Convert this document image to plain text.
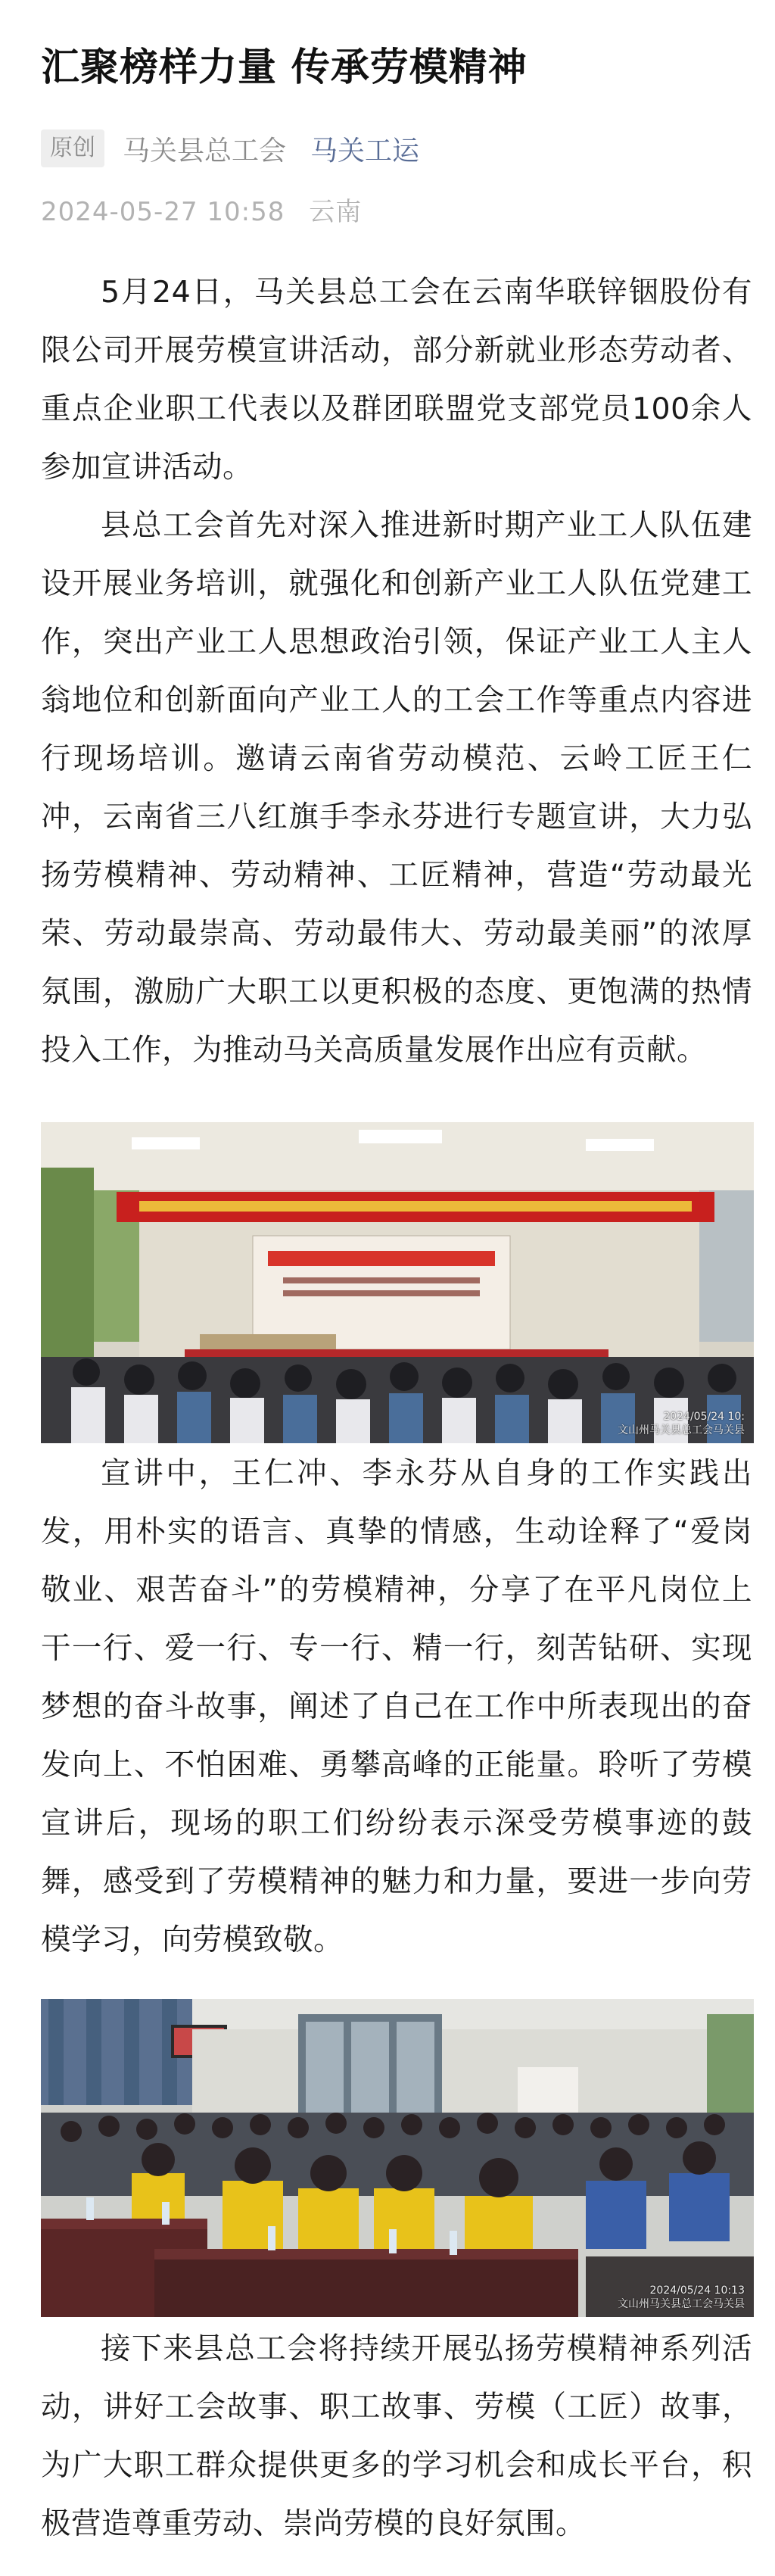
汇聚榜样力量 传承劳模精神
原创	马关县总工会 马关工运
2024-05-27 10:58 云南

5月24日，马关县总工会在云南华联锌铟股份有限公司开展劳模宣讲活动，部分新就业形态劳动者、重点企业职工代表以及群团联盟党支部党员100余人参加宣讲活动。

县总工会首先对深入推进新时期产业工人队伍建设开展业务培训，就强化和创新产业工人队伍党建工作，突出产业工人思想政治引领，保证产业工人主人翁地位和创新面向产业工人的工会工作等重点内容进行现场培训。邀请云南省劳动模范、云岭工匠王仁冲，云南省三八红旗手李永芬进行专题宣讲，大力弘扬劳模精神、劳动精神、工匠精神，营造“劳动最光荣、劳动最崇高、劳动最伟大、劳动最美丽”的浓厚氛围，激励广大职工以更积极的态度、更饱满的热情投入工作，为推动马关高质量发展作出应有贡献。

2024/05/24 10:
文山州马关县总工会马关县

宣讲中，王仁冲、李永芬从自身的工作实践出发，用朴实的语言、真挚的情感，生动诠释了“爱岗敬业、艰苦奋斗”的劳模精神，分享了在平凡岗位上干一行、爱一行、专一行、精一行，刻苦钻研、实现梦想的奋斗故事，阐述了自己在工作中所表现出的奋发向上、不怕困难、勇攀高峰的正能量。聆听了劳模宣讲后，现场的职工们纷纷表示深受劳模事迹的鼓舞，感受到了劳模精神的魅力和力量，要进一步向劳模学习，向劳模致敬。

2024/05/24 10:13
文山州马关县总工会马关县

接下来县总工会将持续开展弘扬劳模精神系列活动，讲好工会故事、职工故事、劳模（工匠）故事，为广大职工群众提供更多的学习机会和成长平台，积极营造尊重劳动、崇尚劳模的良好氛围。
